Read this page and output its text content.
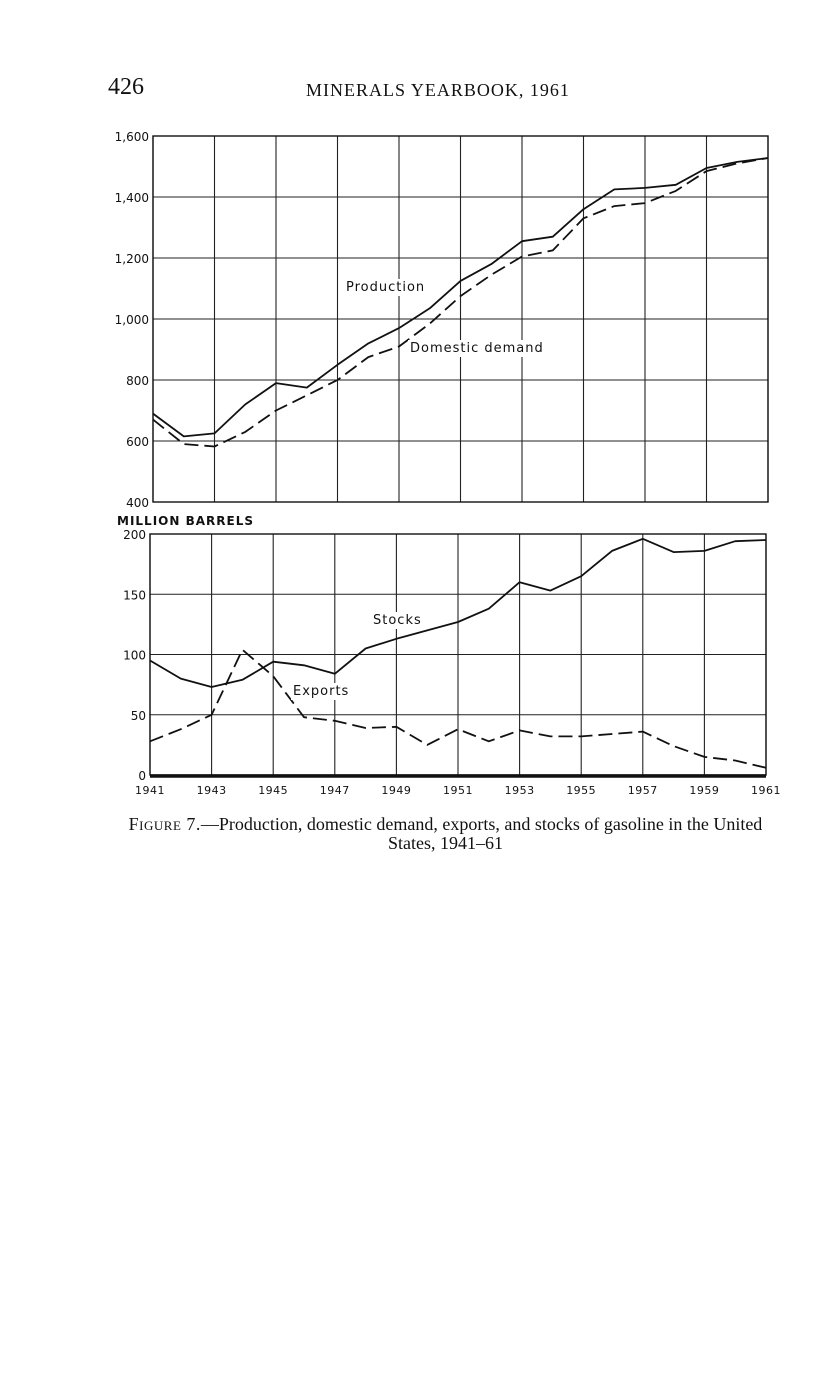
426	MINERALS YEARBOOK, 1961
400
600
800
1,000
1,200
1,400
1,600
Production
Domestic demand
0
50
100
150
200
Stocks
Exports
MILLION BARRELS
1941	1943	1945	1947	1949	1951	1953	1955	1957	1959	1961
Figure 7.—Production, domestic demand, exports, and stocks of gasoline in the United States, 1941–61
